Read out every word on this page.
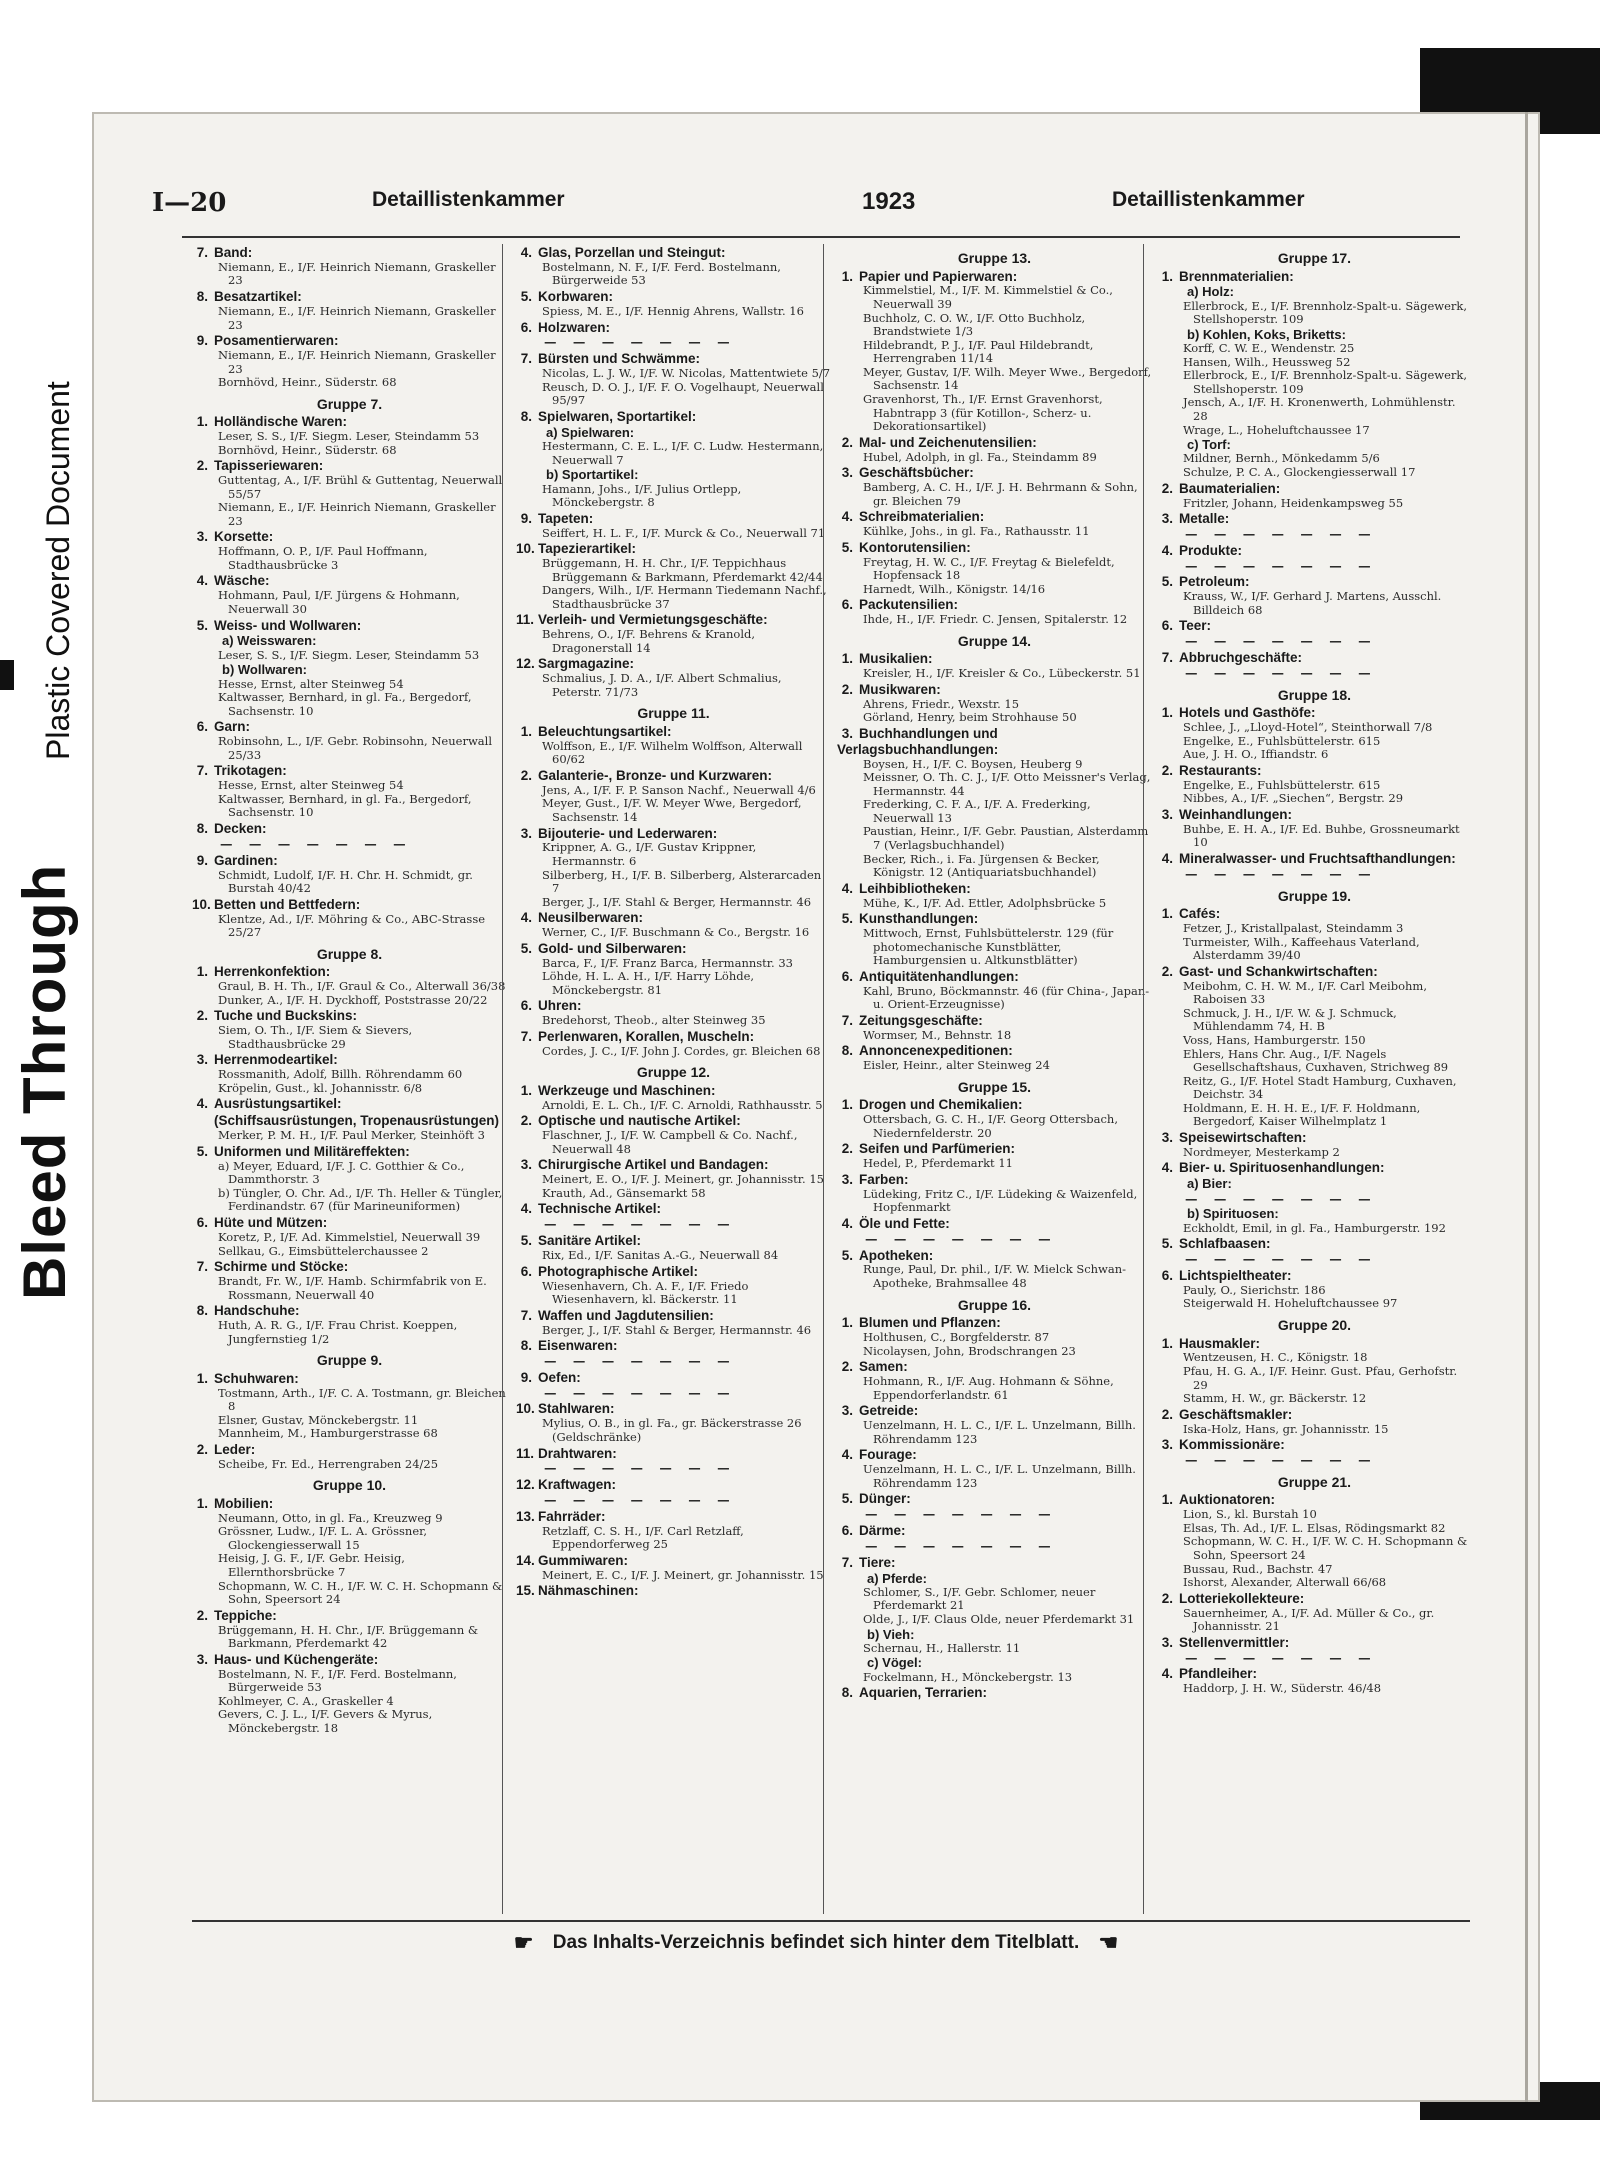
Plastic Covered Document
Bleed Through
I—20	Detaillistenkammer	1923	Detaillistenkammer
7. Band:
Niemann, E., I/F. Heinrich Niemann, Graskeller 23
8. Besatzartikel:
Niemann, E., I/F. Heinrich Niemann, Graskeller 23
9. Posamentierwaren:
Niemann, E., I/F. Heinrich Niemann, Graskeller 23
Bornhövd, Heinr., Süderstr. 68
Gruppe 7.
1. Holländische Waren:
Leser, S. S., I/F. Siegm. Leser, Steindamm 53
Bornhövd, Heinr., Süderstr. 68
2. Tapisseriewaren:
Guttentag, A., I/F. Brühl & Guttentag, Neuerwall 55/57
Niemann, E., I/F. Heinrich Niemann, Graskeller 23
3. Korsette:
Hoffmann, O. P., I/F. Paul Hoffmann, Stadthausbrücke 3
4. Wäsche:
Hohmann, Paul, I/F. Jürgens & Hohmann, Neuerwall 30
5. Weiss- und Wollwaren:
a) Weisswaren:
Leser, S. S., I/F. Siegm. Leser, Steindamm 53
b) Wollwaren:
Hesse, Ernst, alter Steinweg 54
Kaltwasser, Bernhard, in gl. Fa., Bergedorf, Sachsenstr. 10
6. Garn:
Robinsohn, L., I/F. Gebr. Robinsohn, Neuerwall 25/33
7. Trikotagen:
Hesse, Ernst, alter Steinweg 54
Kaltwasser, Bernhard, in gl. Fa., Bergedorf, Sachsenstr. 10
8. Decken:
— — — — — — —
9. Gardinen:
Schmidt, Ludolf, I/F. H. Chr. H. Schmidt, gr. Burstah 40/42
10. Betten und Bettfedern:
Klentze, Ad., I/F. Möhring & Co., ABC-Strasse 25/27
Gruppe 8.
1. Herrenkonfektion:
Graul, B. H. Th., I/F. Graul & Co., Alterwall 36/38
Dunker, A., I/F. H. Dyckhoff, Poststrasse 20/22
2. Tuche und Buckskins:
Siem, O. Th., I/F. Siem & Sievers, Stadthausbrücke 29
3. Herrenmodeartikel:
Rossmanith, Adolf, Billh. Röhrendamm 60
Kröpelin, Gust., kl. Johannisstr. 6/8
4. Ausrüstungsartikel:
(Schiffsausrüstungen, Tropenausrüstungen)
Merker, P. M. H., I/F. Paul Merker, Steinhöft 3
5. Uniformen und Militäreffekten:
a) Meyer, Eduard, I/F. J. C. Gotthier & Co., Dammthorstr. 3
b) Tüngler, O. Chr. Ad., I/F. Th. Heller & Tüngler, Ferdinandstr. 67 (für Marineuniformen)
6. Hüte und Mützen:
Koretz, P., I/F. Ad. Kimmelstiel, Neuerwall 39
Sellkau, G., Eimsbüttelerchaussee 2
7. Schirme und Stöcke:
Brandt, Fr. W., I/F. Hamb. Schirmfabrik von E. Rossmann, Neuerwall 40
8. Handschuhe:
Huth, A. R. G., I/F. Frau Christ. Koeppen, Jungfernstieg 1/2
Gruppe 9.
1. Schuhwaren:
Tostmann, Arth., I/F. C. A. Tostmann, gr. Bleichen 8
Elsner, Gustav, Mönckebergstr. 11
Mannheim, M., Hamburgerstrasse 68
2. Leder:
Scheibe, Fr. Ed., Herrengraben 24/25
Gruppe 10.
1. Mobilien:
Neumann, Otto, in gl. Fa., Kreuzweg 9
Grössner, Ludw., I/F. L. A. Grössner, Glockengiesserwall 15
Heisig, J. G. F., I/F. Gebr. Heisig, Ellernthorsbrücke 7
Schopmann, W. C. H., I/F. W. C. H. Schopmann & Sohn, Speersort 24
2. Teppiche:
Brüggemann, H. H. Chr., I/F. Brüggemann & Barkmann, Pferdemarkt 42
3. Haus- und Küchengeräte:
Bostelmann, N. F., I/F. Ferd. Bostelmann, Bürgerweide 53
Kohlmeyer, C. A., Graskeller 4
Gevers, C. J. L., I/F. Gevers & Myrus, Mönckebergstr. 18
4. Glas, Porzellan und Steingut:
Bostelmann, N. F., I/F. Ferd. Bostelmann, Bürgerweide 53
5. Korbwaren:
Spiess, M. E., I/F. Hennig Ahrens, Wallstr. 16
6. Holzwaren:
— — — — — — —
7. Bürsten und Schwämme:
Nicolas, L. J. W., I/F. W. Nicolas, Mattentwiete 5/7
Reusch, D. O. J., I/F. F. O. Vogelhaupt, Neuerwall 95/97
8. Spielwaren, Sportartikel:
a) Spielwaren:
Hestermann, C. E. L., I/F. C. Ludw. Hestermann, Neuerwall 7
b) Sportartikel:
Hamann, Johs., I/F. Julius Ortlepp, Mönckebergstr. 8
9. Tapeten:
Seiffert, H. L. F., I/F. Murck & Co., Neuerwall 71
10. Tapezierartikel:
Brüggemann, H. H. Chr., I/F. Teppichhaus Brüggemann & Barkmann, Pferdemarkt 42/44
Dangers, Wilh., I/F. Hermann Tiedemann Nachf., Stadthausbrücke 37
11. Verleih- und Vermietungsgeschäfte:
Behrens, O., I/F. Behrens & Kranold, Dragonerstall 14
12. Sargmagazine:
Schmalius, J. D. A., I/F. Albert Schmalius, Peterstr. 71/73
Gruppe 11.
1. Beleuchtungsartikel:
Wolffson, E., I/F. Wilhelm Wolffson, Alterwall 60/62
2. Galanterie-, Bronze- und Kurzwaren:
Jens, A., I/F. F. P. Sanson Nachf., Neuerwall 4/6
Meyer, Gust., I/F. W. Meyer Wwe, Bergedorf, Sachsenstr. 14
3. Bijouterie- und Lederwaren:
Krippner, A. G., I/F. Gustav Krippner, Hermannstr. 6
Silberberg, H., I/F. B. Silberberg, Alsterarcaden 7
Berger, J., I/F. Stahl & Berger, Hermannstr. 46
4. Neusilberwaren:
Werner, C., I/F. Buschmann & Co., Bergstr. 16
5. Gold- und Silberwaren:
Barca, F., I/F. Franz Barca, Hermannstr. 33
Löhde, H. L. A. H., I/F. Harry Löhde, Mönckebergstr. 81
6. Uhren:
Bredehorst, Theob., alter Steinweg 35
7. Perlenwaren, Korallen, Muscheln:
Cordes, J. C., I/F. John J. Cordes, gr. Bleichen 68
Gruppe 12.
1. Werkzeuge und Maschinen:
Arnoldi, E. L. Ch., I/F. C. Arnoldi, Rathhausstr. 5
2. Optische und nautische Artikel:
Flaschner, J., I/F. W. Campbell & Co. Nachf., Neuerwall 48
3. Chirurgische Artikel und Bandagen:
Meinert, E. O., I/F. J. Meinert, gr. Johannisstr. 15
Krauth, Ad., Gänsemarkt 58
4. Technische Artikel:
— — — — — — —
5. Sanitäre Artikel:
Rix, Ed., I/F. Sanitas A.-G., Neuerwall 84
6. Photographische Artikel:
Wiesenhavern, Ch. A. F., I/F. Friedo Wiesenhavern, kl. Bäckerstr. 11
7. Waffen und Jagdutensilien:
Berger, J., I/F. Stahl & Berger, Hermannstr. 46
8. Eisenwaren:
— — — — — — —
9. Oefen:
— — — — — — —
10. Stahlwaren:
Mylius, O. B., in gl. Fa., gr. Bäckerstrasse 26 (Geldschränke)
11. Drahtwaren:
— — — — — — —
12. Kraftwagen:
— — — — — — —
13. Fahrräder:
Retzlaff, C. S. H., I/F. Carl Retzlaff, Eppendorferweg 25
14. Gummiwaren:
Meinert, E. C., I/F. J. Meinert, gr. Johannisstr. 15
15. Nähmaschinen:
Gruppe 13.
1. Papier und Papierwaren:
Kimmelstiel, M., I/F. M. Kimmelstiel & Co., Neuerwall 39
Buchholz, C. O. W., I/F. Otto Buchholz, Brandstwiete 1/3
Hildebrandt, P. J., I/F. Paul Hildebrandt, Herrengraben 11/14
Meyer, Gustav, I/F. Wilh. Meyer Wwe., Bergedorf, Sachsenstr. 14
Gravenhorst, Th., I/F. Ernst Gravenhorst, Habntrapp 3 (für Kotillon-, Scherz- u. Dekorationsartikel)
2. Mal- und Zeichenutensilien:
Hubel, Adolph, in gl. Fa., Steindamm 89
3. Geschäftsbücher:
Bamberg, A. C. H., I/F. J. H. Behrmann & Sohn, gr. Bleichen 79
4. Schreibmaterialien:
Kühlke, Johs., in gl. Fa., Rathausstr. 11
5. Kontorutensilien:
Freytag, H. W. C., I/F. Freytag & Bielefeldt, Hopfensack 18
Harnedt, Wilh., Königstr. 14/16
6. Packutensilien:
Ihde, H., I/F. Friedr. C. Jensen, Spitalerstr. 12
Gruppe 14.
1. Musikalien:
Kreisler, H., I/F. Kreisler & Co., Lübeckerstr. 51
2. Musikwaren:
Ahrens, Friedr., Wexstr. 15
Görland, Henry, beim Strohhause 50
3. Buchhandlungen und Verlagsbuchhandlungen:
Boysen, H., I/F. C. Boysen, Heuberg 9
Meissner, O. Th. C. J., I/F. Otto Meissner's Verlag, Hermannstr. 44
Frederking, C. F. A., I/F. A. Frederking, Neuerwall 13
Paustian, Heinr., I/F. Gebr. Paustian, Alsterdamm 7 (Verlagsbuchhandel)
Becker, Rich., i. Fa. Jürgensen & Becker, Königstr. 12 (Antiquariatsbuchhandel)
4. Leihbibliotheken:
Mühe, K., I/F. Ad. Ettler, Adolphsbrücke 5
5. Kunsthandlungen:
Mittwoch, Ernst, Fuhlsbüttelerstr. 129 (für photomechanische Kunstblätter, Hamburgensien u. Altkunstblätter)
6. Antiquitätenhandlungen:
Kahl, Bruno, Böckmannstr. 46 (für China-, Japan- u. Orient-Erzeugnisse)
7. Zeitungsgeschäfte:
Wormser, M., Behnstr. 18
8. Annoncenexpeditionen:
Eisler, Heinr., alter Steinweg 24
Gruppe 15.
1. Drogen und Chemikalien:
Ottersbach, G. C. H., I/F. Georg Ottersbach, Niedernfelderstr. 20
2. Seifen und Parfümerien:
Hedel, P., Pferdemarkt 11
3. Farben:
Lüdeking, Fritz C., I/F. Lüdeking & Waizenfeld, Hopfenmarkt
4. Öle und Fette:
— — — — — — —
5. Apotheken:
Runge, Paul, Dr. phil., I/F. W. Mielck Schwan-Apotheke, Brahmsallee 48
Gruppe 16.
1. Blumen und Pflanzen:
Holthusen, C., Borgfelderstr. 87
Nicolaysen, John, Brodschrangen 23
2. Samen:
Hohmann, R., I/F. Aug. Hohmann & Söhne, Eppendorferlandstr. 61
3. Getreide:
Uenzelmann, H. L. C., I/F. L. Unzelmann, Billh. Röhrendamm 123
4. Fourage:
Uenzelmann, H. L. C., I/F. L. Unzelmann, Billh. Röhrendamm 123
5. Dünger:
— — — — — — —
6. Därme:
— — — — — — —
7. Tiere:
a) Pferde:
Schlomer, S., I/F. Gebr. Schlomer, neuer Pferdemarkt 21
Olde, J., I/F. Claus Olde, neuer Pferdemarkt 31
b) Vieh:
Schernau, H., Hallerstr. 11
c) Vögel:
Fockelmann, H., Mönckebergstr. 13
8. Aquarien, Terrarien:
Gruppe 17.
1. Brennmaterialien:
a) Holz:
Ellerbrock, E., I/F. Brennholz-Spalt-u. Sägewerk, Stellshoperstr. 109
b) Kohlen, Koks, Briketts:
Korff, C. W. E., Wendenstr. 25
Hansen, Wilh., Heussweg 52
Ellerbrock, E., I/F. Brennholz-Spalt-u. Sägewerk, Stellshoperstr. 109
Jensch, A., I/F. H. Kronenwerth, Lohmühlenstr. 28
Wrage, L., Hoheluftchaussee 17
c) Torf:
Mildner, Bernh., Mönkedamm 5/6
Schulze, P. C. A., Glockengiesserwall 17
2. Baumaterialien:
Fritzler, Johann, Heidenkampsweg 55
3. Metalle:
— — — — — — —
4. Produkte:
— — — — — — —
5. Petroleum:
Krauss, W., I/F. Gerhard J. Martens, Ausschl. Billdeich 68
6. Teer:
— — — — — — —
7. Abbruchgeschäfte:
— — — — — — —
Gruppe 18.
1. Hotels und Gasthöfe:
Schlee, J., „Lloyd-Hotel“, Steinthorwall 7/8
Engelke, E., Fuhlsbüttelerstr. 615
Aue, J. H. O., Iffiandstr. 6
2. Restaurants:
Engelke, E., Fuhlsbüttelerstr. 615
Nibbes, A., I/F. „Siechen“, Bergstr. 29
3. Weinhandlungen:
Buhbe, E. H. A., I/F. Ed. Buhbe, Grossneumarkt 10
4. Mineralwasser- und Fruchtsafthandlungen:
— — — — — — —
Gruppe 19.
1. Cafés:
Fetzer, J., Kristallpalast, Steindamm 3
Turmeister, Wilh., Kaffeehaus Vaterland, Alsterdamm 39/40
2. Gast- und Schankwirtschaften:
Meibohm, C. H. W. M., I/F. Carl Meibohm, Raboisen 33
Schmuck, J. H., I/F. W. & J. Schmuck, Mühlendamm 74, H. B
Voss, Hans, Hamburgerstr. 150
Ehlers, Hans Chr. Aug., I/F. Nagels Gesellschaftshaus, Cuxhaven, Strichweg 89
Reitz, G., I/F. Hotel Stadt Hamburg, Cuxhaven, Deichstr. 34
Holdmann, E. H. H. E., I/F. F. Holdmann, Bergedorf, Kaiser Wilhelmplatz 1
3. Speisewirtschaften:
Nordmeyer, Mesterkamp 2
4. Bier- u. Spirituosenhandlungen:
a) Bier:
— — — — — — —
b) Spirituosen:
Eckholdt, Emil, in gl. Fa., Hamburgerstr. 192
5. Schlafbaasen:
— — — — — — —
6. Lichtspieltheater:
Pauly, O., Sierichstr. 186
Steigerwald H. Hoheluftchaussee 97
Gruppe 20.
1. Hausmakler:
Wentzeusen, H. C., Königstr. 18
Pfau, H. G. A., I/F. Heinr. Gust. Pfau, Gerhofstr. 29
Stamm, H. W., gr. Bäckerstr. 12
2. Geschäftsmakler:
Iska-Holz, Hans, gr. Johannisstr. 15
3. Kommissionäre:
— — — — — — —
Gruppe 21.
1. Auktionatoren:
Lion, S., kl. Burstah 10
Elsas, Th. Ad., I/F. L. Elsas, Rödingsmarkt 82
Schopmann, W. C. H., I/F. W. C. H. Schopmann & Sohn, Speersort 24
Bussau, Rud., Bachstr. 47
Ishorst, Alexander, Alterwall 66/68
2. Lotteriekollekteure:
Sauernheimer, A., I/F. Ad. Müller & Co., gr. Johannisstr. 21
3. Stellenvermittler:
— — — — — — —
4. Pfandleiher:
Haddorp, J. H. W., Süderstr. 46/48
☛ Das Inhalts-Verzeichnis befindet sich hinter dem Titelblatt. ☚
